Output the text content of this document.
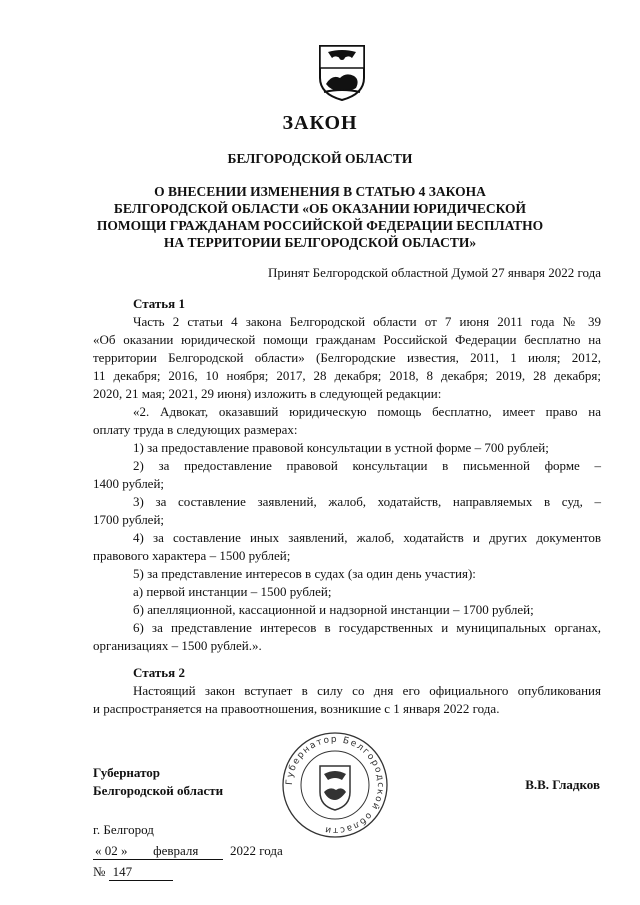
ЗАКОН
БЕЛГОРОДСКОЙ ОБЛАСТИ
О ВНЕСЕНИИ ИЗМЕНЕНИЯ В СТАТЬЮ 4 ЗАКОНА
БЕЛГОРОДСКОЙ ОБЛАСТИ «ОБ ОКАЗАНИИ ЮРИДИЧЕСКОЙ
ПОМОЩИ ГРАЖДАНАМ РОССИЙСКОЙ ФЕДЕРАЦИИ БЕСПЛАТНО
НА ТЕРРИТОРИИ БЕЛГОРОДСКОЙ ОБЛАСТИ»
Принят Белгородской областной Думой 27 января 2022 года
Статья 1
Часть 2 статьи 4 закона Белгородской области от 7 июня 2011 года № 39
«Об оказании юридической помощи гражданам Российской Федерации бесплатно на
территории Белгородской области» (Белгородские известия, 2011, 1 июля; 2012,
11 декабря; 2016, 10 ноября; 2017, 28 декабря; 2018, 8 декабря; 2019, 28 декабря;
2020, 21 мая; 2021, 29 июня) изложить в следующей редакции:
«2. Адвокат, оказавший юридическую помощь бесплатно, имеет право на
оплату труда в следующих размерах:
1) за предоставление правовой консультации в устной форме – 700 рублей;
2) за предоставление правовой консультации в письменной форме –
1400 рублей;
3) за составление заявлений, жалоб, ходатайств, направляемых в суд, –
1700 рублей;
4) за составление иных заявлений, жалоб, ходатайств и других документов
правового характера – 1500 рублей;
5) за представление интересов в судах (за один день участия):
а) первой инстанции – 1500 рублей;
б) апелляционной, кассационной и надзорной инстанции – 1700 рублей;
6) за представление интересов в государственных и муниципальных органах,
организациях – 1500 рублей.».
Статья 2
Настоящий закон вступает в силу со дня его официального опубликования
и распространяется на правоотношения, возникшие с 1 января 2022 года.
Губернатор
Белгородской области	В.В. Гладков
Губернатор Белгородской области
г. Белгород
« 02 » февраля 2022 года
№ 147
